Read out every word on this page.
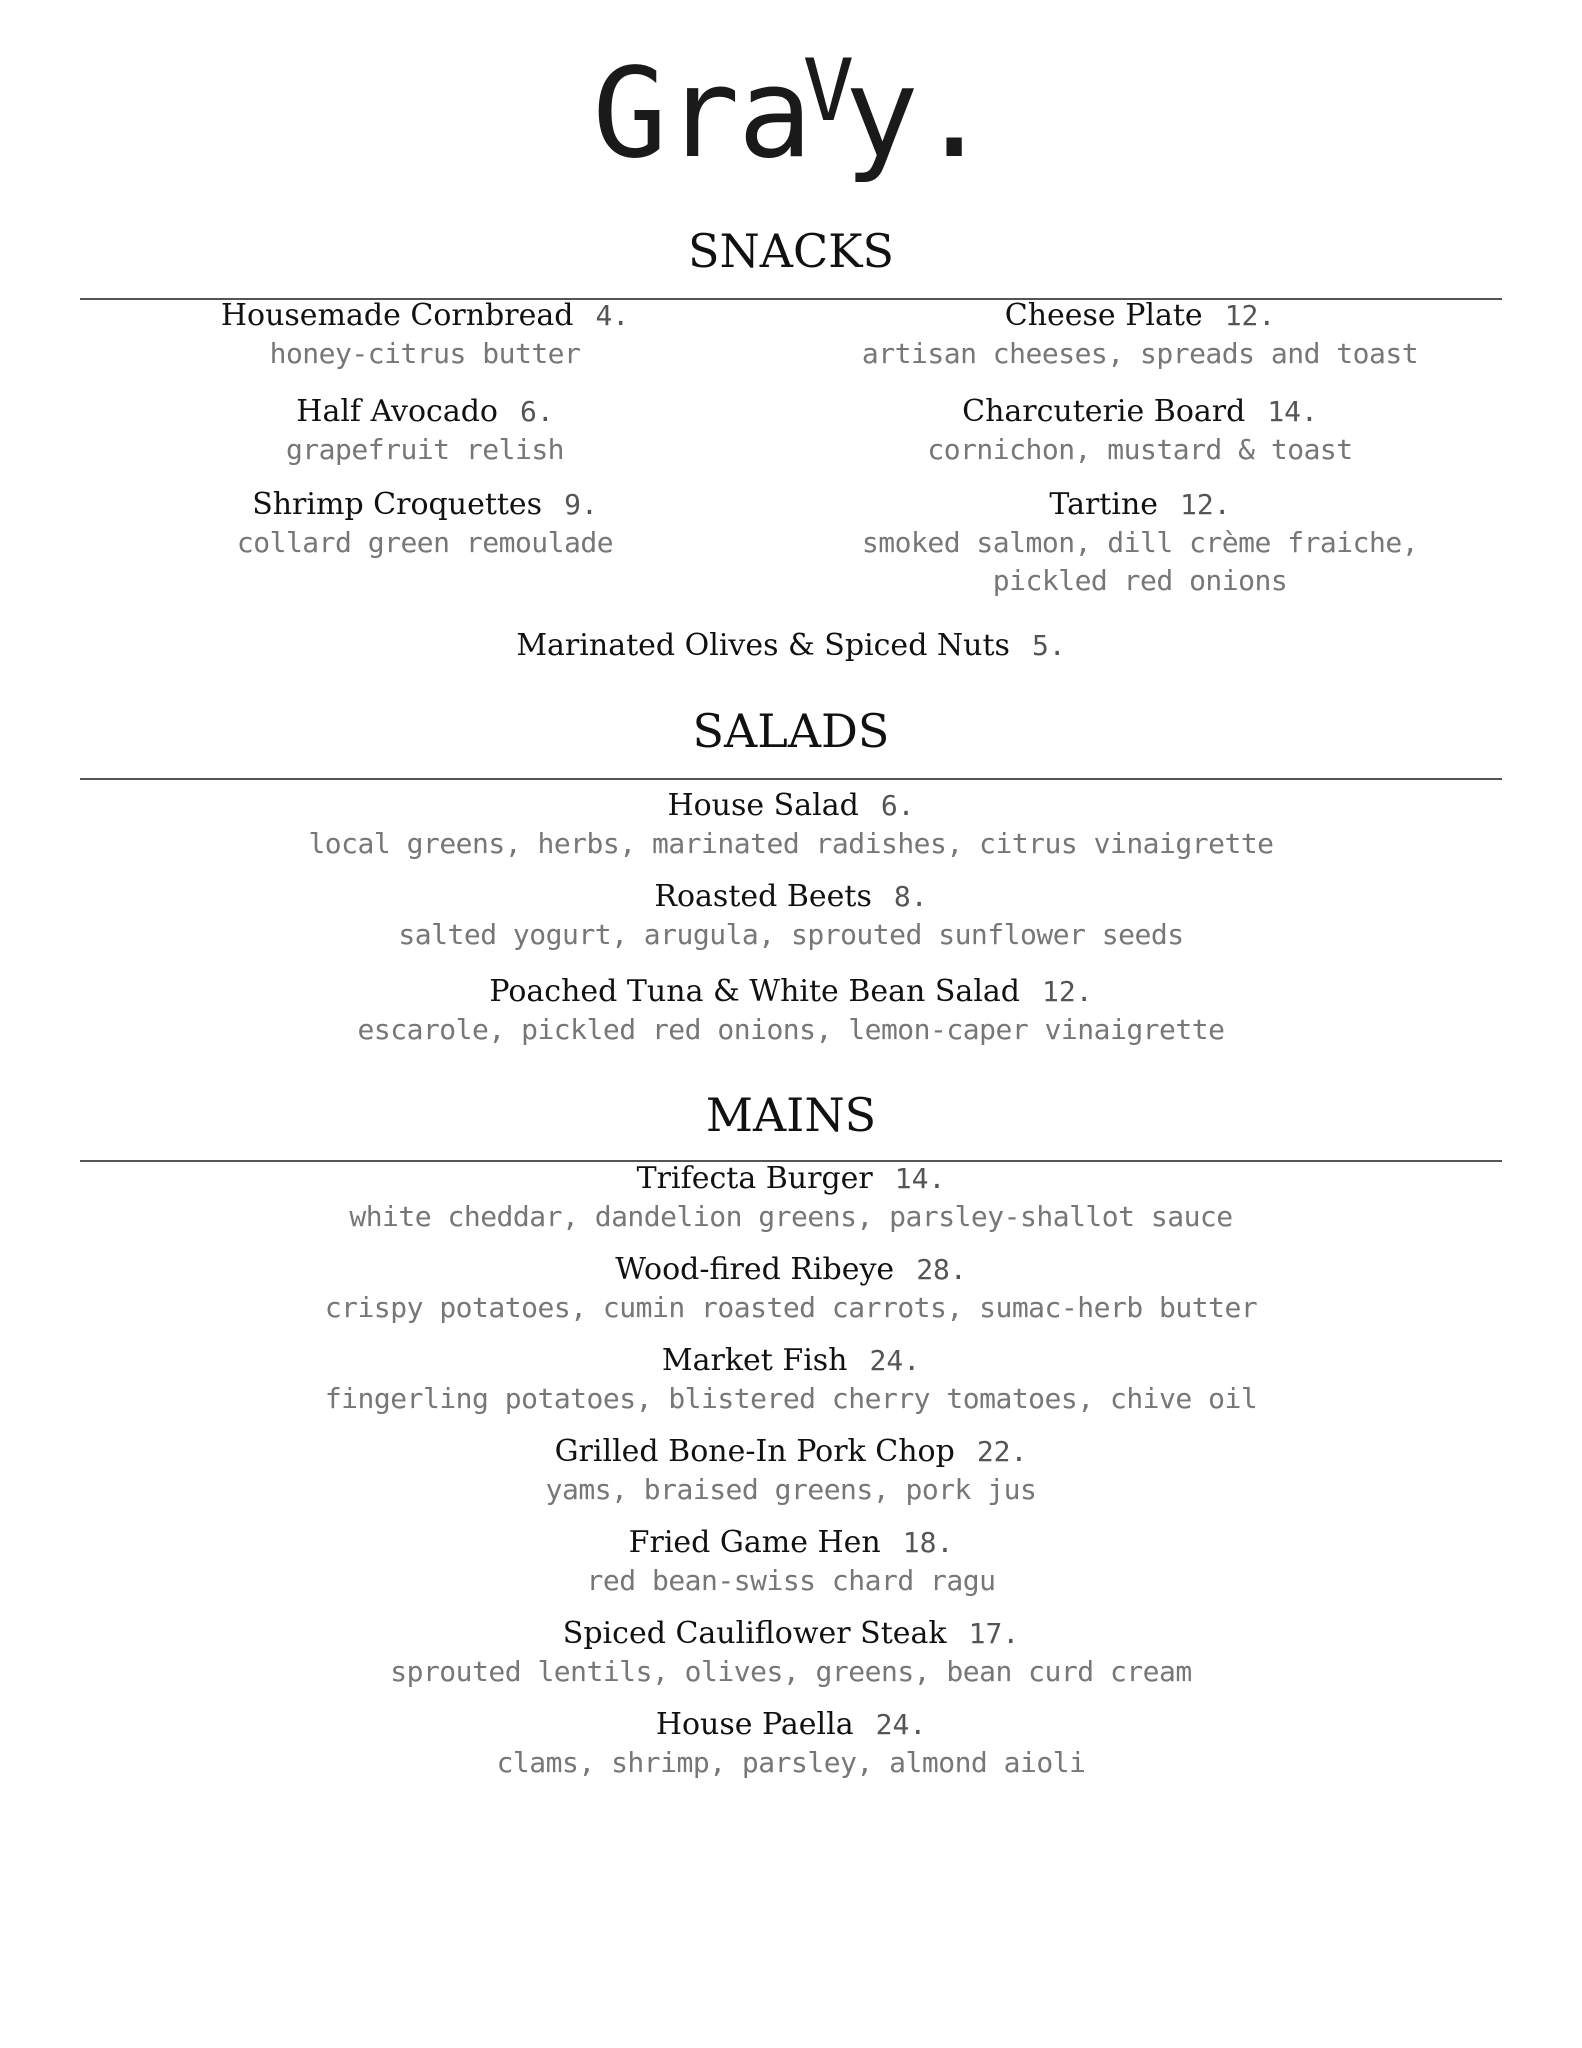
Gra$^V$y.
SNACKS
Housemade Cornbread 4.
honey-citrus butter
Half Avocado 6.
grapefruit relish
Shrimp Croquettes 9.
collard green remoulade
Cheese Plate 12.
artisan cheeses, spreads and toast
Charcuterie Board 14.
cornichon, mustard & toast
Tartine 12.
smoked salmon, dill crème fraiche, pickled red onions
Marinated Olives & Spiced Nuts 5.
SALADS
House Salad 6.
local greens, herbs, marinated radishes, citrus vinaigrette
Roasted Beets 8.
salted yogurt, arugula, sprouted sunflower seeds
Poached Tuna & White Bean Salad 12.
escarole, pickled red onions, lemon-caper vinaigrette
MAINS
Trifecta Burger 14.
white cheddar, dandelion greens, parsley-shallot sauce
Wood-fired Ribeye 28.
crispy potatoes, cumin roasted carrots, sumac-herb butter
Market Fish 24.
fingerling potatoes, blistered cherry tomatoes, chive oil
Grilled Bone-In Pork Chop 22.
yams, braised greens, pork jus
Fried Game Hen 18.
red bean-swiss chard ragu
Spiced Cauliflower Steak 17.
sprouted lentils, olives, greens, bean curd cream
House Paella 24.
clams, shrimp, parsley, almond aioli
